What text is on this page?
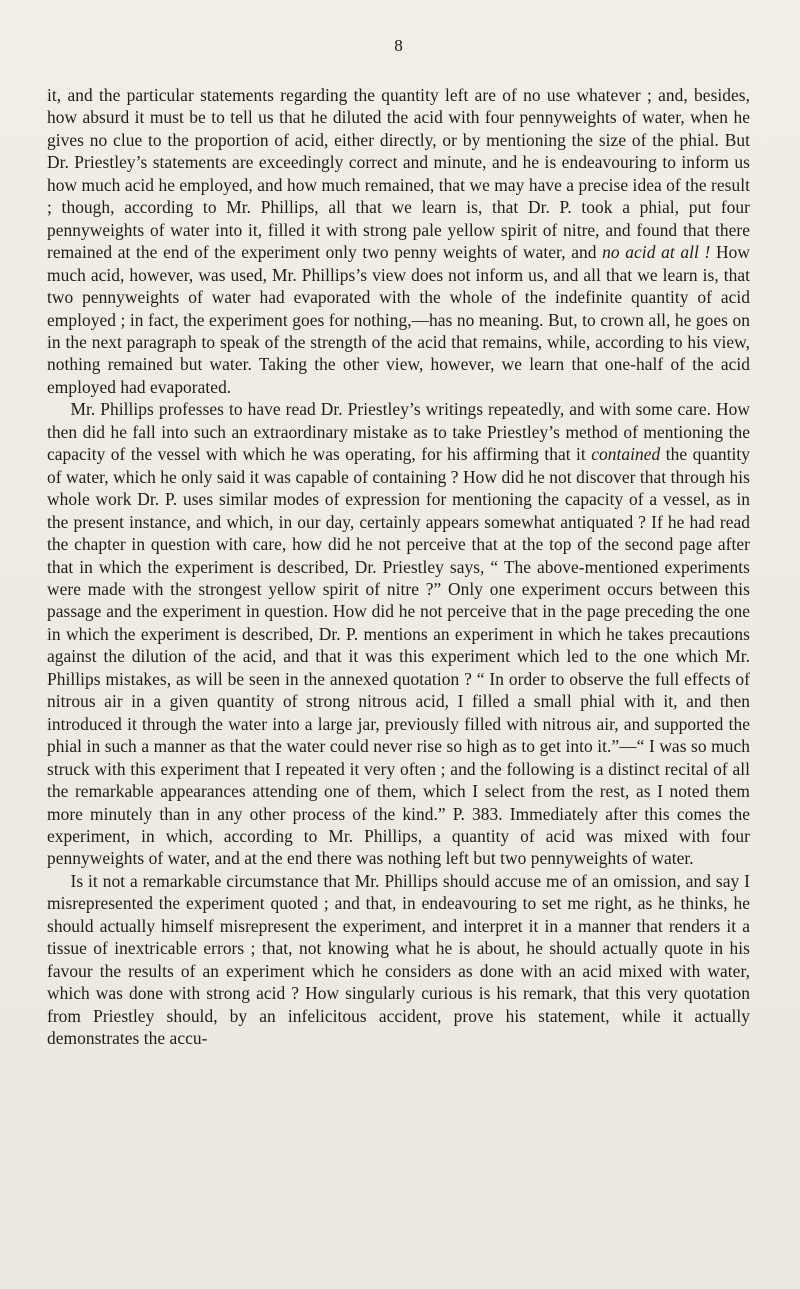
8

it, and the particular statements regarding the quantity left are of no use whatever ; and, besides, how absurd it must be to tell us that he diluted the acid with four pennyweights of water, when he gives no clue to the proportion of acid, either directly, or by mentioning the size of the phial. But Dr. Priestley’s statements are exceedingly correct and minute, and he is endeavouring to inform us how much acid he employed, and how much remained, that we may have a precise idea of the result ; though, according to Mr. Phillips, all that we learn is, that Dr. P. took a phial, put four pennyweights of water into it, filled it with strong pale yellow spirit of nitre, and found that there remained at the end of the experiment only two penny weights of water, and no acid at all ! How much acid, however, was used, Mr. Phillips’s view does not inform us, and all that we learn is, that two pennyweights of water had evaporated with the whole of the indefinite quantity of acid employed ; in fact, the experiment goes for nothing,—has no meaning. But, to crown all, he goes on in the next paragraph to speak of the strength of the acid that remains, while, according to his view, nothing remained but water. Taking the other view, however, we learn that one-half of the acid employed had evaporated.

Mr. Phillips professes to have read Dr. Priestley’s writings repeatedly, and with some care. How then did he fall into such an extraordinary mistake as to take Priestley’s method of mentioning the capacity of the vessel with which he was operating, for his affirming that it contained the quantity of water, which he only said it was capable of containing ? How did he not discover that through his whole work Dr. P. uses similar modes of expression for mentioning the capacity of a vessel, as in the present instance, and which, in our day, certainly appears somewhat antiquated ? If he had read the chapter in question with care, how did he not perceive that at the top of the second page after that in which the experiment is described, Dr. Priestley says, “ The above-mentioned experiments were made with the strongest yellow spirit of nitre ?” Only one experiment occurs between this passage and the experiment in question. How did he not perceive that in the page preceding the one in which the experiment is described, Dr. P. mentions an experiment in which he takes precautions against the dilution of the acid, and that it was this experiment which led to the one which Mr. Phillips mistakes, as will be seen in the annexed quotation ? “ In order to observe the full effects of nitrous air in a given quantity of strong nitrous acid, I filled a small phial with it, and then introduced it through the water into a large jar, previously filled with nitrous air, and supported the phial in such a manner as that the water could never rise so high as to get into it.”—“ I was so much struck with this experiment that I repeated it very often ; and the following is a distinct recital of all the remarkable appearances attending one of them, which I select from the rest, as I noted them more minutely than in any other process of the kind.” P. 383. Immediately after this comes the experiment, in which, according to Mr. Phillips, a quantity of acid was mixed with four pennyweights of water, and at the end there was nothing left but two pennyweights of water.

Is it not a remarkable circumstance that Mr. Phillips should accuse me of an omission, and say I misrepresented the experiment quoted ; and that, in endeavouring to set me right, as he thinks, he should actually himself misrepresent the experiment, and interpret it in a manner that renders it a tissue of inextricable errors ; that, not knowing what he is about, he should actually quote in his favour the results of an experiment which he considers as done with an acid mixed with water, which was done with strong acid ? How singularly curious is his remark, that this very quotation from Priestley should, by an infelicitous accident, prove his statement, while it actually demonstrates the accu-
